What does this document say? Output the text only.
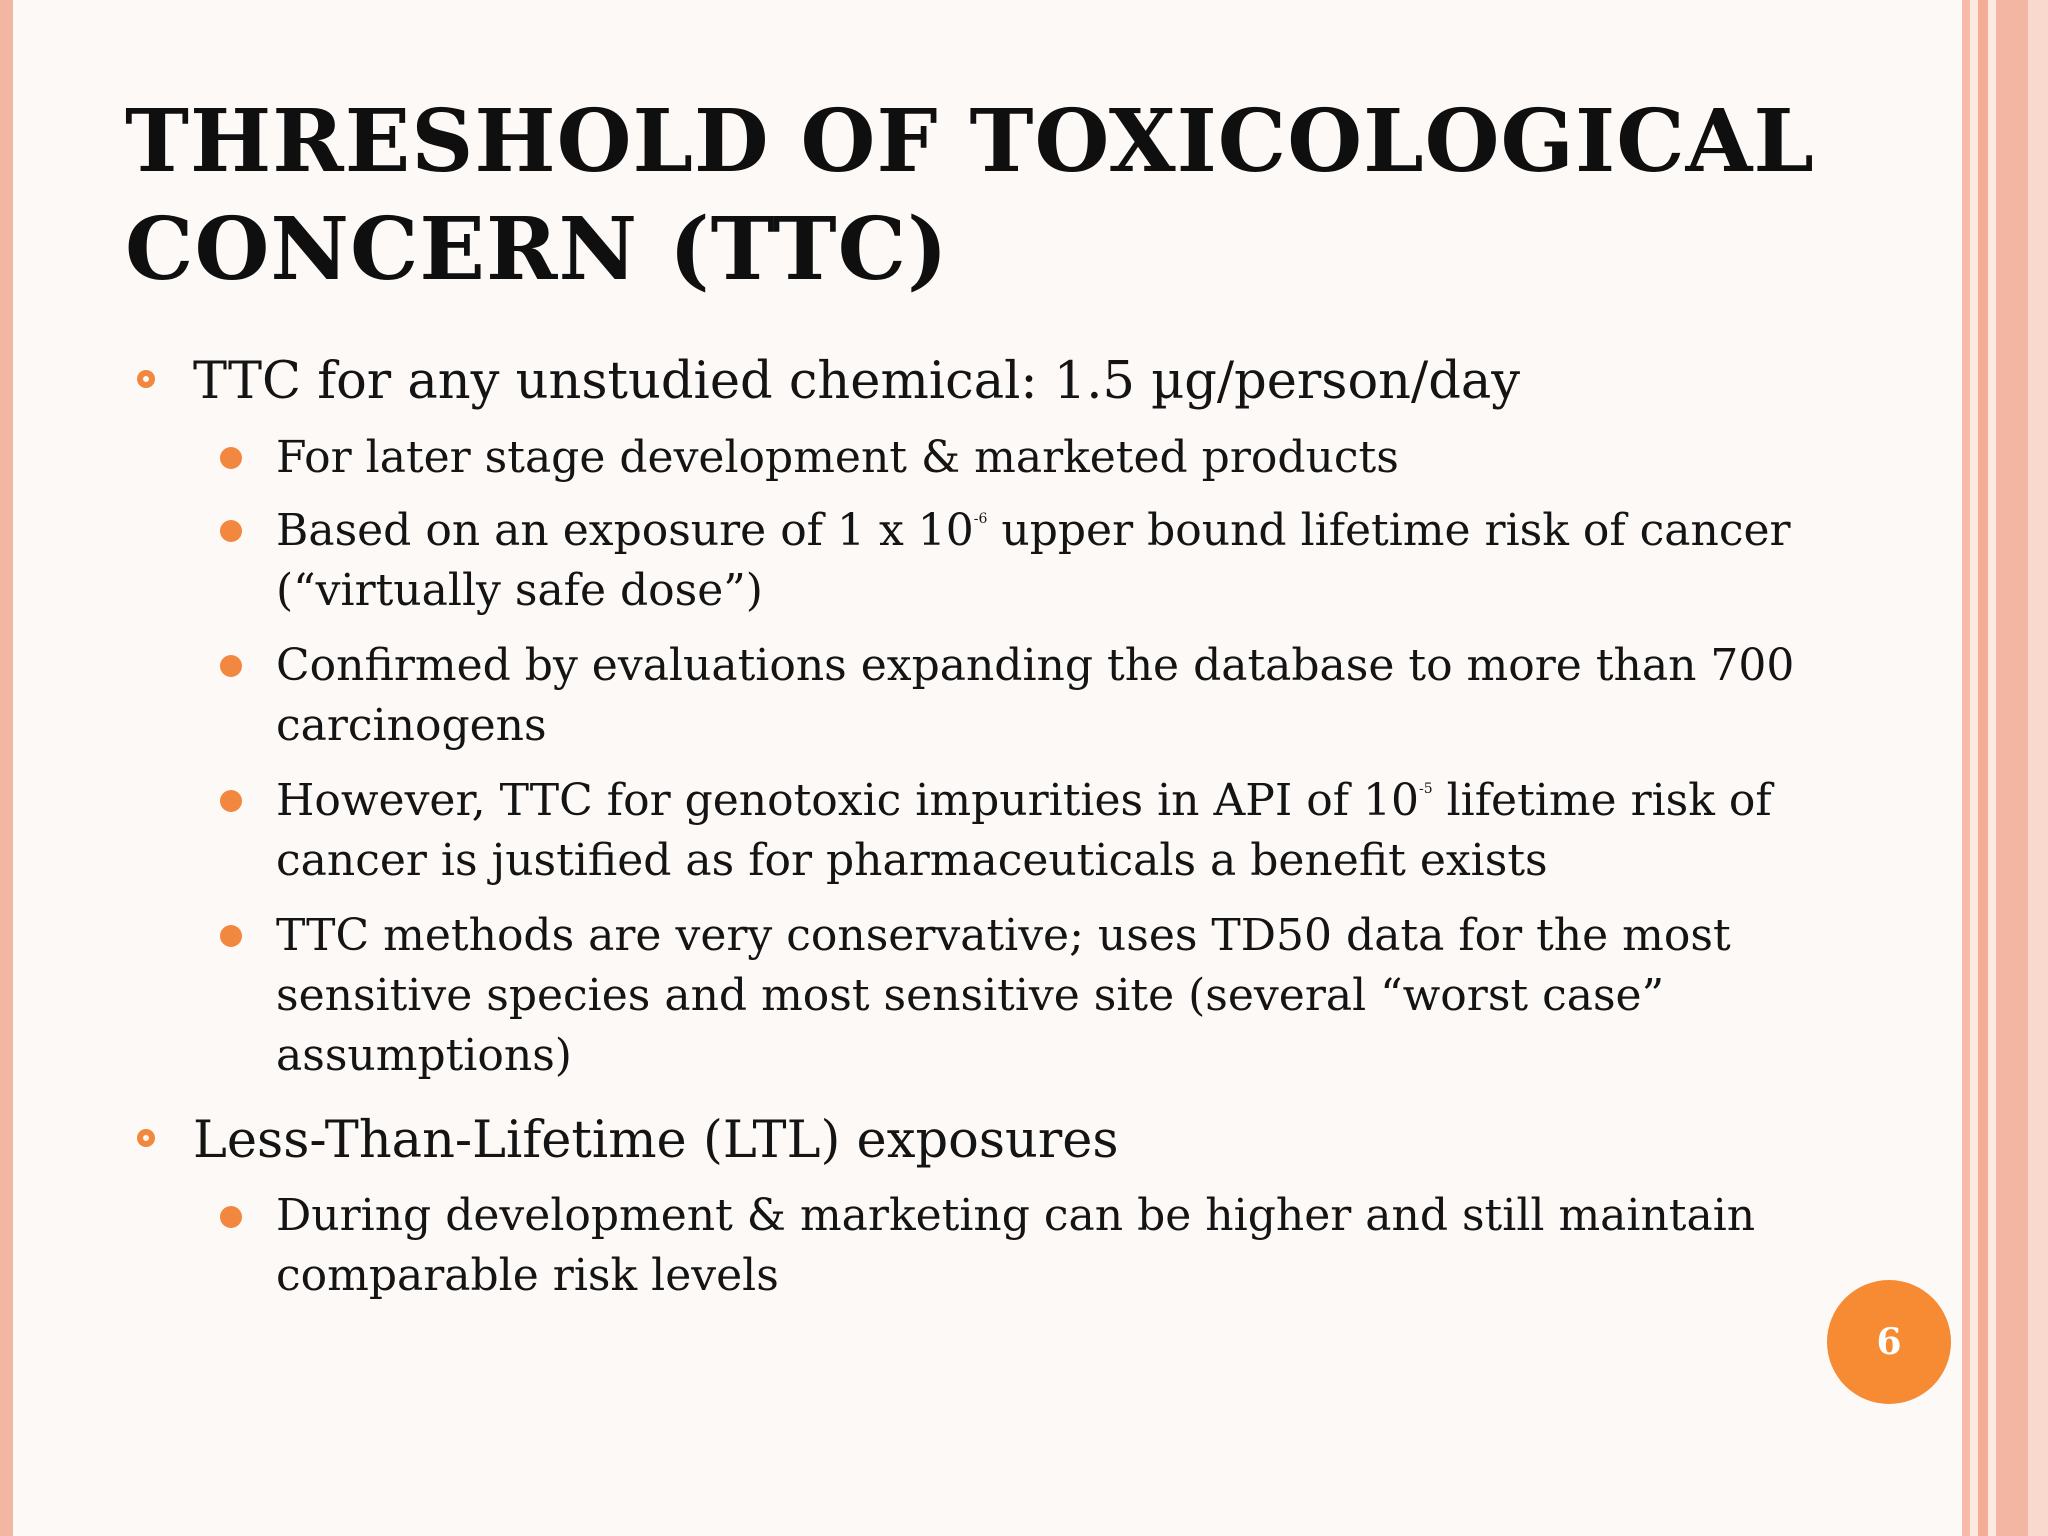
THRESHOLD OF TOXICOLOGICAL CONCERN (TTC)
TTC for any unstudied chemical: 1.5 µg/person/day
For later stage development & marketed products
Based on an exposure of 1 x $10^{-6}$ upper bound lifetime risk of cancer (“virtually safe dose”)
Confirmed by evaluations expanding the database to more than 700 carcinogens
However, TTC for genotoxic impurities in API of $10^{-5}$ lifetime risk of cancer is justified as for pharmaceuticals a benefit exists
TTC methods are very conservative; uses TD50 data for the most sensitive species and most sensitive site (several “worst case” assumptions)
Less-Than-Lifetime (LTL) exposures
During development & marketing can be higher and still maintain comparable risk levels
6
